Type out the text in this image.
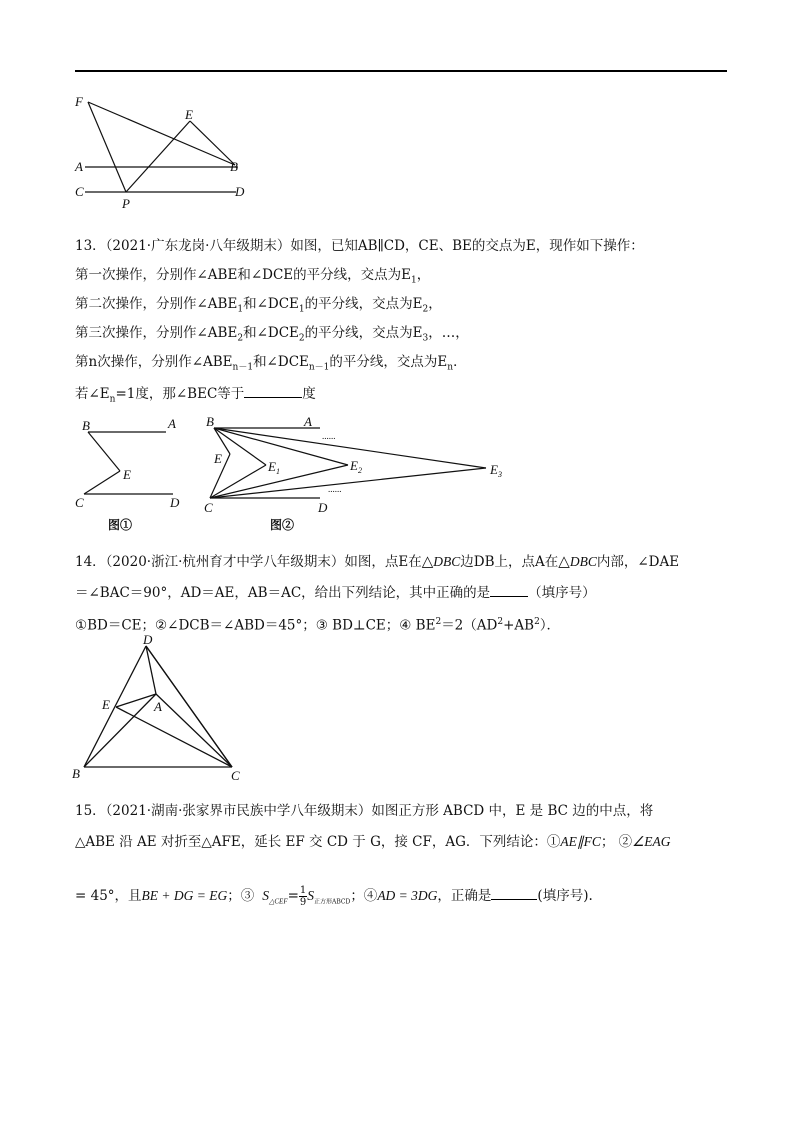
F
E
A	B
C
P
D
13．（2021·广东龙岗·八年级期末）如图，已知AB∥CD，CE、BE的交点为E，现作如下操作：
第一次操作，分别作∠ABE和∠DCE的平分线，交点为$E_1$，
第二次操作，分别作$\angle ABE_1$和$\angle DCE_1$的平分线，交点为$E_2$，
第三次操作，分别作$\angle ABE_2$和$\angle DCE_2$的平分线，交点为$E_3$，…，
第n次操作，分别作$\angle ABE_{n-1}$和$\angle DCE_{n-1}$的平分线，交点为$E_n$．
若$\angle E_n=1$度，那∠BEC等于	度
B	A
E
C	D
图①
B	A
......
E
$E_1$	$E_2$	$E_3$
......
C	D
图②
14．（2020·浙江·杭州育才中学八年级期末）如图，点E在△DBC边DB上，点A在△DBC内部，∠DAE
＝∠BAC＝90°，AD＝AE，AB＝AC，给出下列结论，其中正确的是	（填序号）
①BD＝CE；②∠DCB＝∠ABD＝45°；③ BD⊥CE；④ $BE^2=2(AD^2+AB^2)$．
D
E	A
B	C
15．（2021·湖南·张家界市民族中学八年级期末）如图正方形 ABCD 中，E 是 BC 边的中点，将
△ABE 沿 AE 对折至△AFE，延长 EF 交 CD 于 G，接 CF，AG．下列结论：①AE∥FC； ②∠EAG
= 45°，且BE + DG = EG；③ $S_{\triangle CEF}= \frac{1}{9} S_{正方形ABCD}$；④AD = 3DG，正确是	(填序号).
